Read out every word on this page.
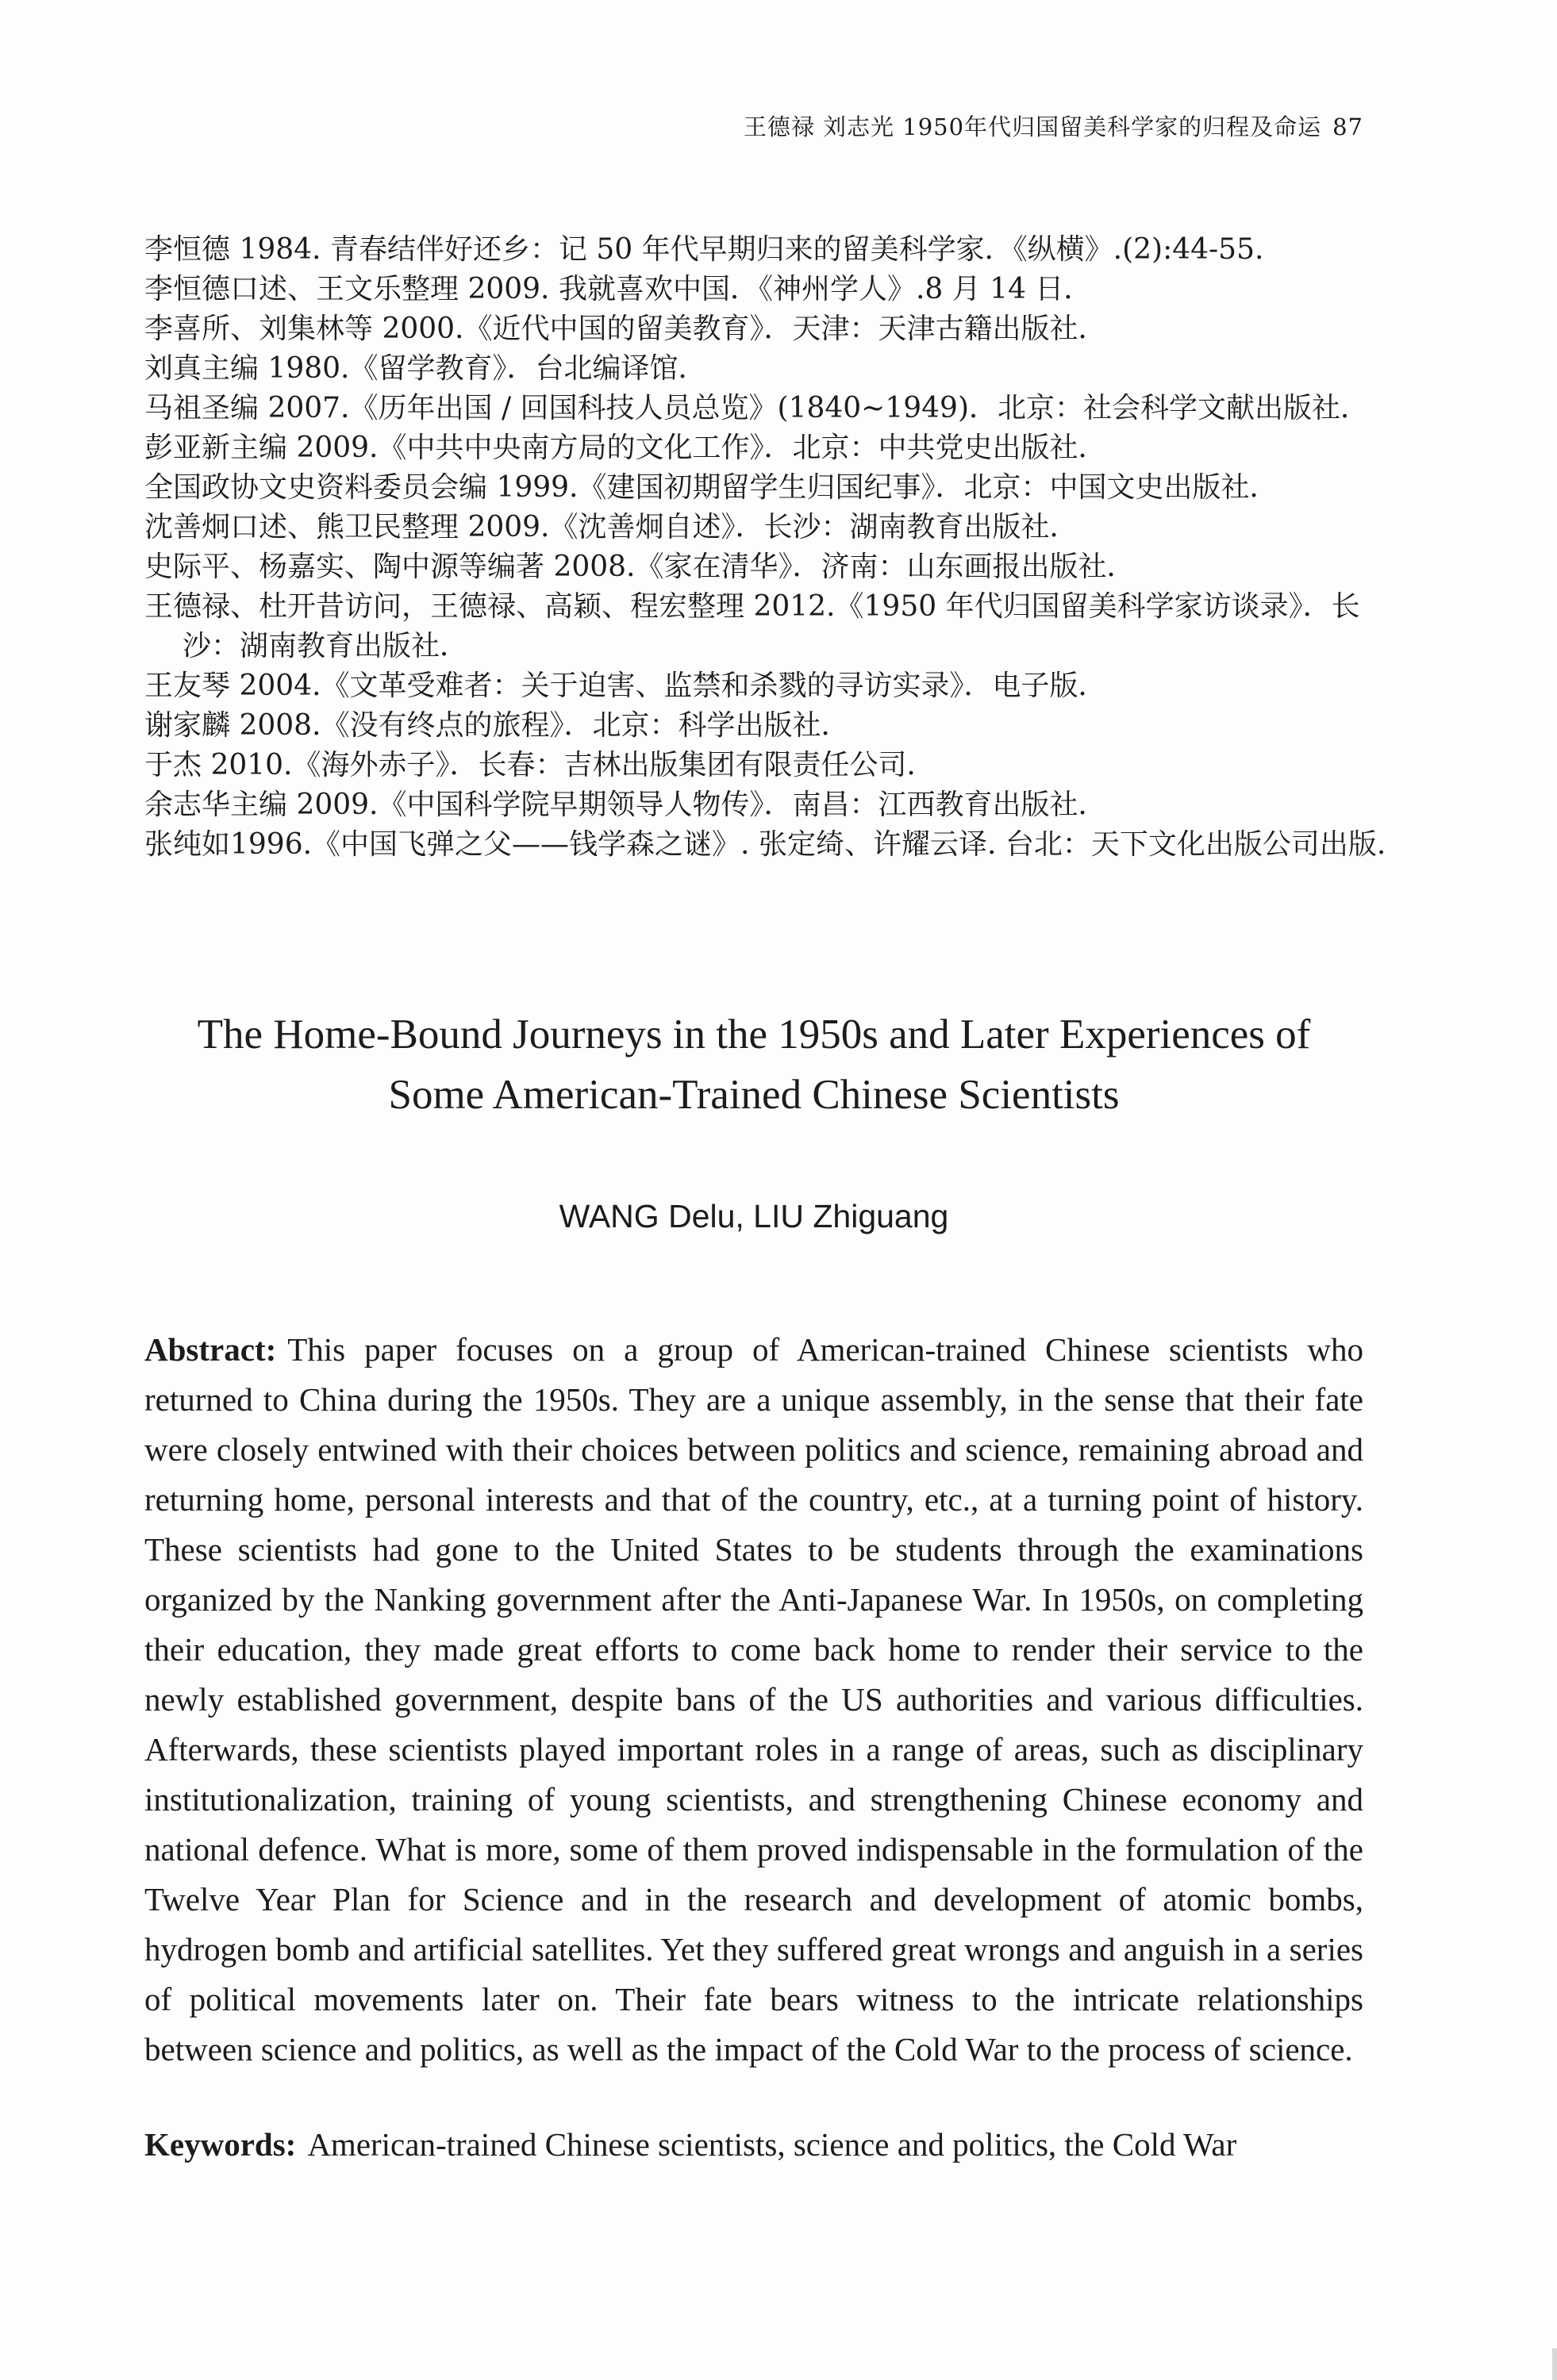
王德禄 刘志光 1950年代归国留美科学家的归程及命运 87
李恒德 1984. 青春结伴好还乡：记 50 年代早期归来的留美科学家．《纵横》.(2):44-55.
李恒德口述、王文乐整理 2009. 我就喜欢中国．《神州学人》.8 月 14 日．
李喜所、刘集林等 2000.《近代中国的留美教育》．天津：天津古籍出版社．
刘真主编 1980.《留学教育》．台北编译馆．
马祖圣编 2007.《历年出国 / 回国科技人员总览》(1840~1949)．北京：社会科学文献出版社．
彭亚新主编 2009.《中共中央南方局的文化工作》．北京：中共党史出版社．
全国政协文史资料委员会编 1999.《建国初期留学生归国纪事》．北京：中国文史出版社．
沈善炯口述、熊卫民整理 2009.《沈善炯自述》．长沙：湖南教育出版社．
史际平、杨嘉实、陶中源等编著 2008.《家在清华》．济南：山东画报出版社．
王德禄、杜开昔访问，王德禄、高颖、程宏整理 2012.《1950 年代归国留美科学家访谈录》．长沙：湖南教育出版社．
王友琴 2004.《文革受难者：关于迫害、监禁和杀戮的寻访实录》．电子版．
谢家麟 2008.《没有终点的旅程》．北京：科学出版社．
于杰 2010.《海外赤子》．长春：吉林出版集团有限责任公司．
余志华主编 2009.《中国科学院早期领导人物传》．南昌：江西教育出版社．
张纯如1996.《中国飞弹之父——钱学森之谜》. 张定绮、许耀云译. 台北：天下文化出版公司出版.
The Home-Bound Journeys in the 1950s and Later Experiences of
Some American-Trained Chinese Scientists
WANG Delu, LIU Zhiguang

Abstract: This paper focuses on a group of American-trained Chinese scientists who returned to China during the 1950s. They are a unique assembly, in the sense that their fate were closely entwined with their choices between politics and science, remaining abroad and returning home, personal interests and that of the country, etc., at a turning point of history. These scientists had gone to the United States to be students through the examinations organized by the Nanking government after the Anti-Japanese War. In 1950s, on completing their education, they made great efforts to come back home to render their service to the newly established government, despite bans of the US authorities and various difficulties. Afterwards, these scientists played important roles in a range of areas, such as disciplinary institutionalization, training of young scientists, and strengthening Chinese economy and national defence. What is more, some of them proved indispensable in the formulation of the Twelve Year Plan for Science and in the research and development of atomic bombs, hydrogen bomb and artificial satellites. Yet they suffered great wrongs and anguish in a series of political movements later on. Their fate bears witness to the intricate relationships between science and politics, as well as the impact of the Cold War to the process of science.

Keywords: American-trained Chinese scientists, science and politics, the Cold War
